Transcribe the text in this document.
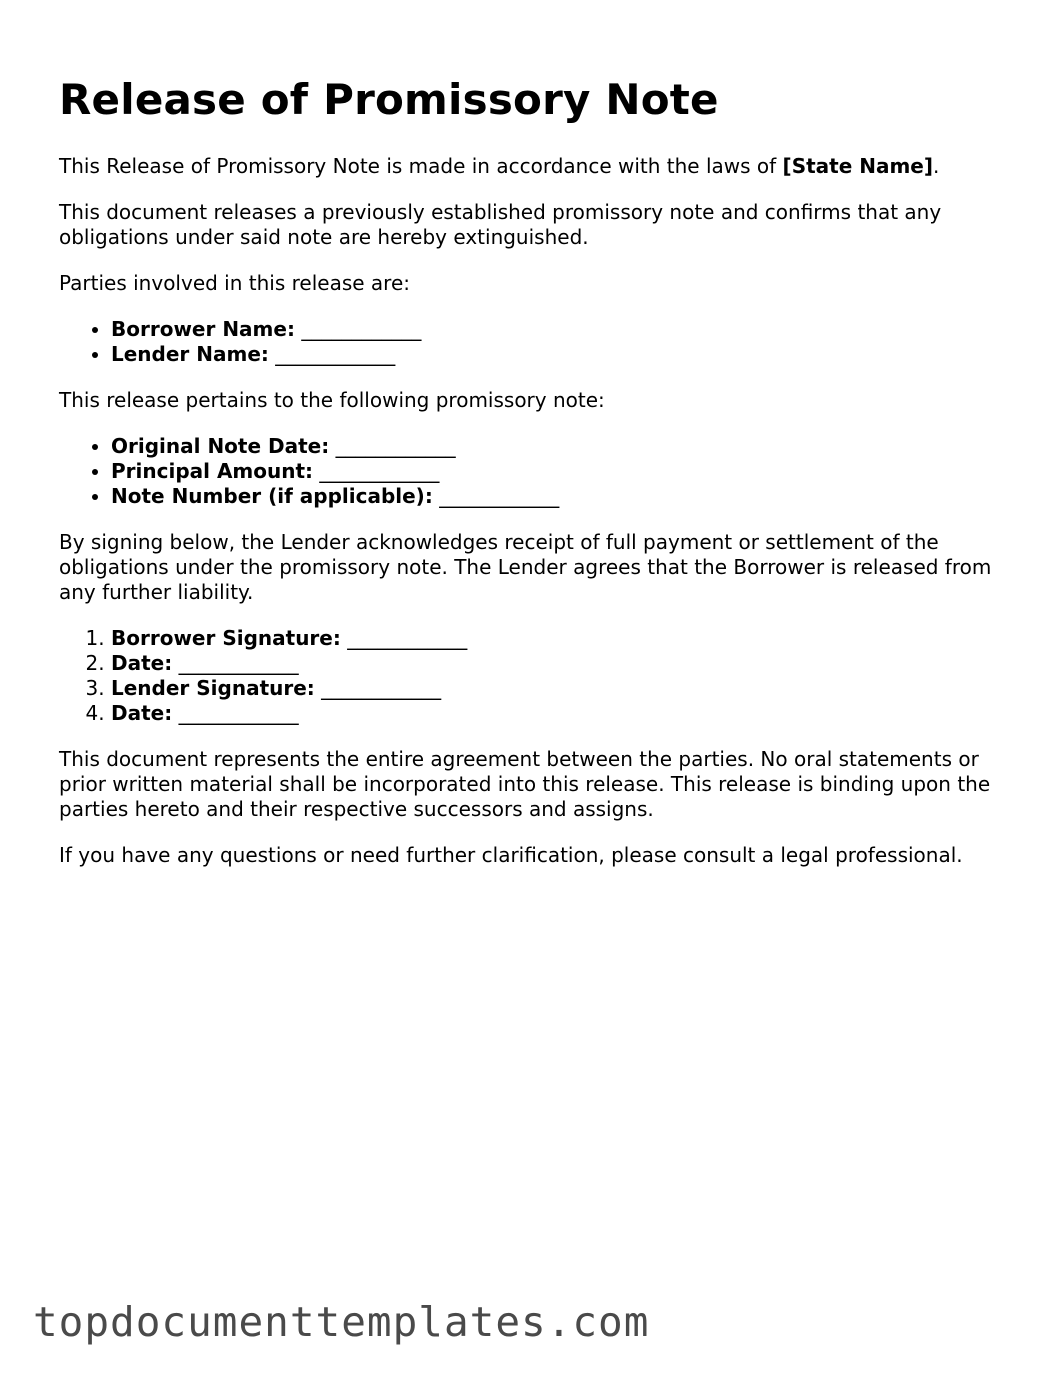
Release of Promissory Note

This Release of Promissory Note is made in accordance with the laws of [State Name].

This document releases a previously established promissory note and confirms that any obligations under said note are hereby extinguished.

Parties involved in this release are:

• Borrower Name: ____________
• Lender Name: ____________

This release pertains to the following promissory note:

• Original Note Date: ____________
• Principal Amount: ____________
• Note Number (if applicable): ____________

By signing below, the Lender acknowledges receipt of full payment or settlement of the obligations under the promissory note. The Lender agrees that the Borrower is released from any further liability.

1. Borrower Signature: ____________
2. Date: ____________
3. Lender Signature: ____________
4. Date: ____________

This document represents the entire agreement between the parties. No oral statements or prior written material shall be incorporated into this release. This release is binding upon the parties hereto and their respective successors and assigns.

If you have any questions or need further clarification, please consult a legal professional.

topdocumenttemplates.com
